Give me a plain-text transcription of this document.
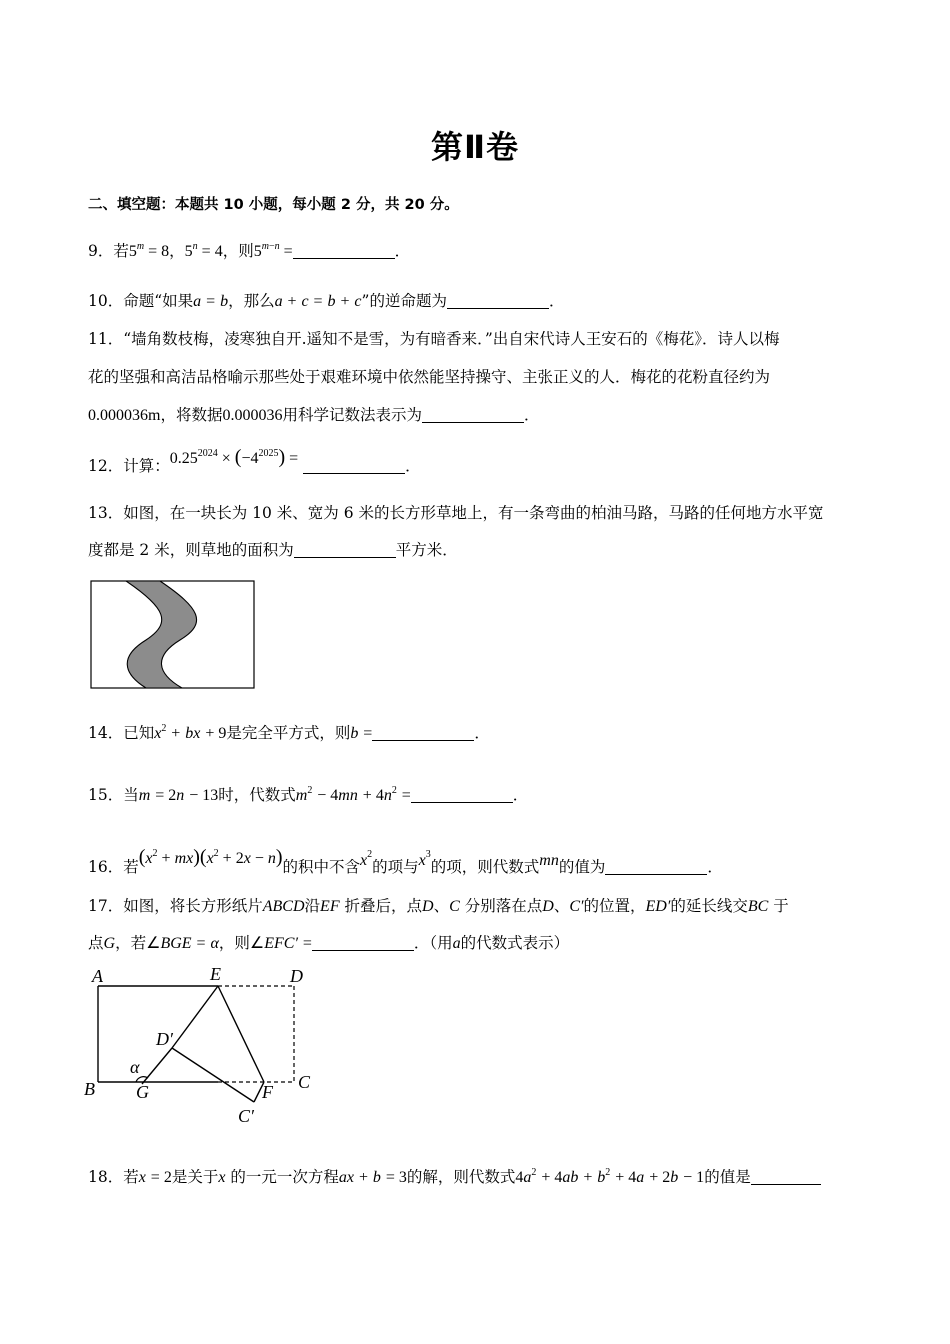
第Ⅱ卷
二、填空题：本题共 10 小题，每小题 2 分，共 20 分。
9．若$5^m = 8$，$5^n = 4$，则$5^{m-n}$ =	．
10．命题“如果a = b，那么a + c = b + c”的逆命题为	．
11．“墙角数枝梅，凌寒独自开.遥知不是雪，为有暗香来．”出自宋代诗人王安石的《梅花》．诗人以梅
花的坚强和高洁品格喻示那些处于艰难环境中依然能坚持操守、主张正义的人．梅花的花粉直径约为
0.000036m，将数据0.000036用科学记数法表示为	．
12．计算：$0.25^{2024} \times (-4^{2025})$ =	．
13．如图，在一块长为 10 米、宽为 6 米的长方形草地上，有一条弯曲的柏油马路，马路的任何地方水平宽
度都是 2 米，则草地的面积为	平方米．
14．已知$x^2$ + bx + 9是完全平方式，则b =	．
15．当m = 2n − 13时，代数式$m^2 - 4mn + 4n^2$ =	．
16．若$(x^2 + mx)(x^2 + 2x - n)$的积中不含$x^2$的项与$x^3$的项，则代数式mn的值为	．
17．如图，将长方形纸片ABCD沿EF 折叠后，点D、C 分别落在点D、C′的位置，ED′的延长线交BC 于
点G，若∠BGE = α，则∠EFC′ =	．（用a的代数式表示）
A	E	D
D′
α
B G	F C
C′
18．若x = 2是关于x 的一元一次方程ax + b = 3的解，则代数式$4a^2 + 4ab + b^2 + 4a + 2b - 1$的值是
